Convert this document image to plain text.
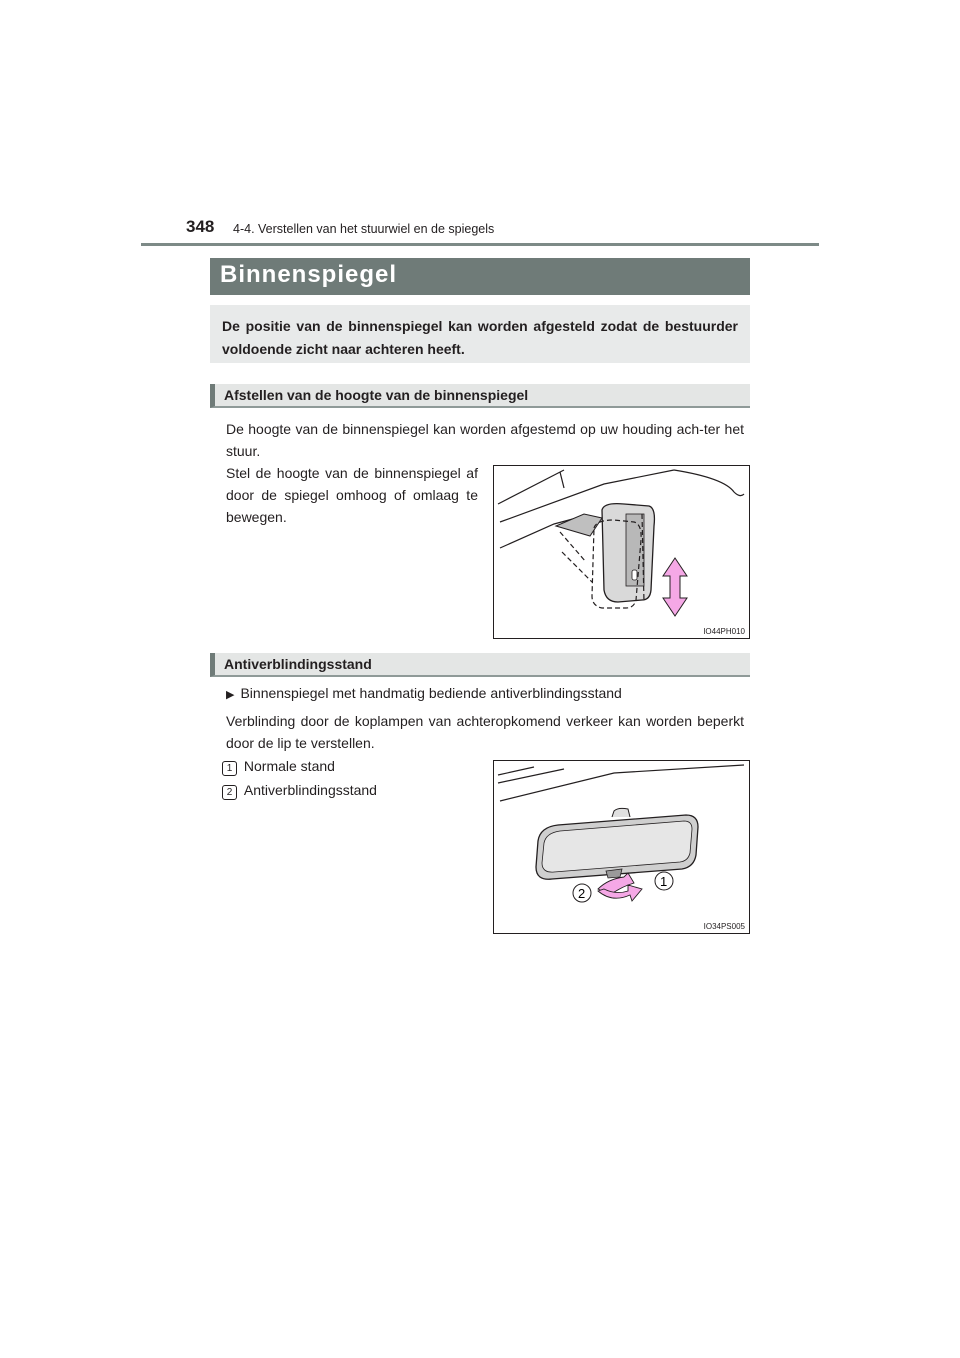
348 4-4. Verstellen van het stuurwiel en de spiegels
Binnenspiegel

De positie van de binnenspiegel kan worden afgesteld zodat de bestuurder voldoende zicht naar achteren heeft.

Afstellen van de hoogte van de binnenspiegel
De hoogte van de binnenspiegel kan worden afgestemd op uw houding ach-ter het stuur.
Stel de hoogte van de binnenspiegel af door de spiegel omhoog of omlaag te bewegen.
IO44PH010
Antiverblindingsstand
▶ Binnenspiegel met handmatig bediende antiverblindingsstand
Verblinding door de koplampen van achteropkomend verkeer kan worden beperkt door de lip te verstellen.
1 Normale stand
2 Antiverblindingsstand
1
2
IO34PS005
